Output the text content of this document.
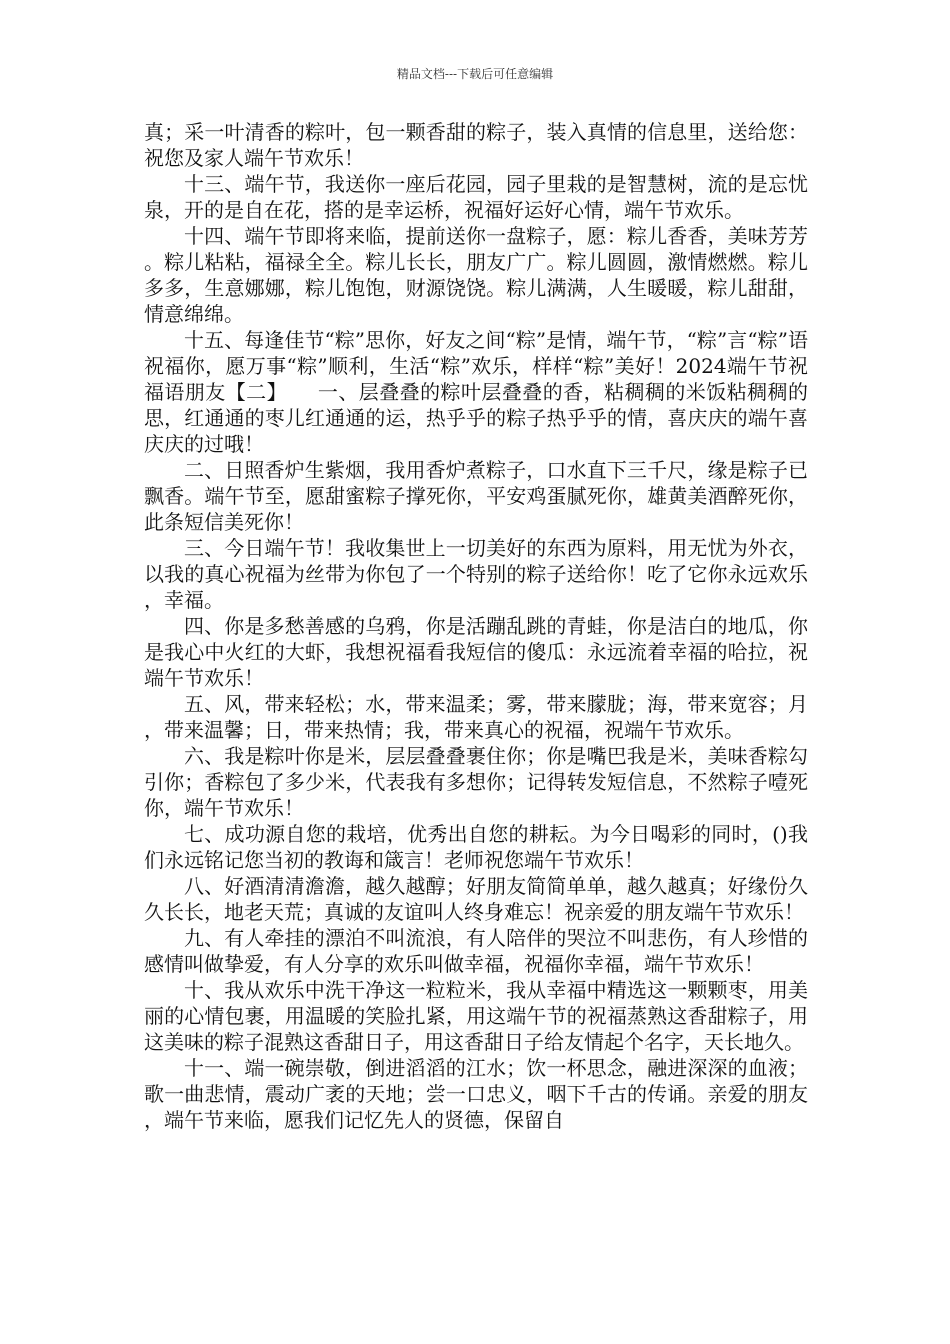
精品文档---下载后可任意编辑

真；采一叶清香的粽叶，包一颗香甜的粽子，装入真情的信息里，送给您：祝您及家人端午节欢乐！

十三、端午节，我送你一座后花园，园子里栽的是智慧树，流的是忘忧泉，开的是自在花，搭的是幸运桥，祝福好运好心情，端午节欢乐。

十四、端午节即将来临，提前送你一盘粽子，愿：粽儿香香，美味芳芳。粽儿粘粘，福禄全全。粽儿长长，朋友广广。粽儿圆圆，激情燃燃。粽儿多多，生意娜娜，粽儿饱饱，财源饶饶。粽儿满满，人生暖暖，粽儿甜甜，情意绵绵。

十五、每逢佳节“粽”思你，好友之间“粽”是情，端午节，“粽”言“粽”语祝福你，愿万事“粽”顺利，生活“粽”欢乐，样样“粽”美好！2024端午节祝福语朋友【二】　　一、层叠叠的粽叶层叠叠的香，粘稠稠的米饭粘稠稠的思，红通通的枣儿红通通的运，热乎乎的粽子热乎乎的情，喜庆庆的端午喜庆庆的过哦！

二、日照香炉生紫烟，我用香炉煮粽子，口水直下三千尺，缘是粽子已飘香。端午节至，愿甜蜜粽子撑死你，平安鸡蛋腻死你，雄黄美酒醉死你，此条短信美死你！

三、今日端午节！我收集世上一切美好的东西为原料，用无忧为外衣，以我的真心祝福为丝带为你包了一个特别的粽子送给你！吃了它你永远欢乐，幸福。

四、你是多愁善感的乌鸦，你是活蹦乱跳的青蛙，你是洁白的地瓜，你是我心中火红的大虾，我想祝福看我短信的傻瓜：永远流着幸福的哈拉，祝端午节欢乐！

五、风，带来轻松；水，带来温柔；雾，带来朦胧；海，带来宽容；月，带来温馨；日，带来热情；我，带来真心的祝福，祝端午节欢乐。

六、我是粽叶你是米，层层叠叠裹住你；你是嘴巴我是米，美味香粽勾引你；香粽包了多少米，代表我有多想你；记得转发短信息，不然粽子噎死你，端午节欢乐！

七、成功源自您的栽培，优秀出自您的耕耘。为今日喝彩的同时，()我们永远铭记您当初的教诲和箴言！老师祝您端午节欢乐！

八、好酒清清澹澹，越久越醇；好朋友简简单单，越久越真；好缘份久久长长，地老天荒；真诚的友谊叫人终身难忘！祝亲爱的朋友端午节欢乐！

九、有人牵挂的漂泊不叫流浪，有人陪伴的哭泣不叫悲伤，有人珍惜的感情叫做挚爱，有人分享的欢乐叫做幸福，祝福你幸福，端午节欢乐！

十、我从欢乐中洗干净这一粒粒米，我从幸福中精选这一颗颗枣，用美丽的心情包裹，用温暖的笑脸扎紧，用这端午节的祝福蒸熟这香甜粽子，用这美味的粽子混熟这香甜日子，用这香甜日子给友情起个名字，天长地久。

十一、端一碗崇敬，倒进滔滔的江水；饮一杯思念，融进深深的血液；歌一曲悲情，震动广袤的天地；尝一口忠义，咽下千古的传诵。亲爱的朋友，端午节来临，愿我们记忆先人的贤德，保留自
